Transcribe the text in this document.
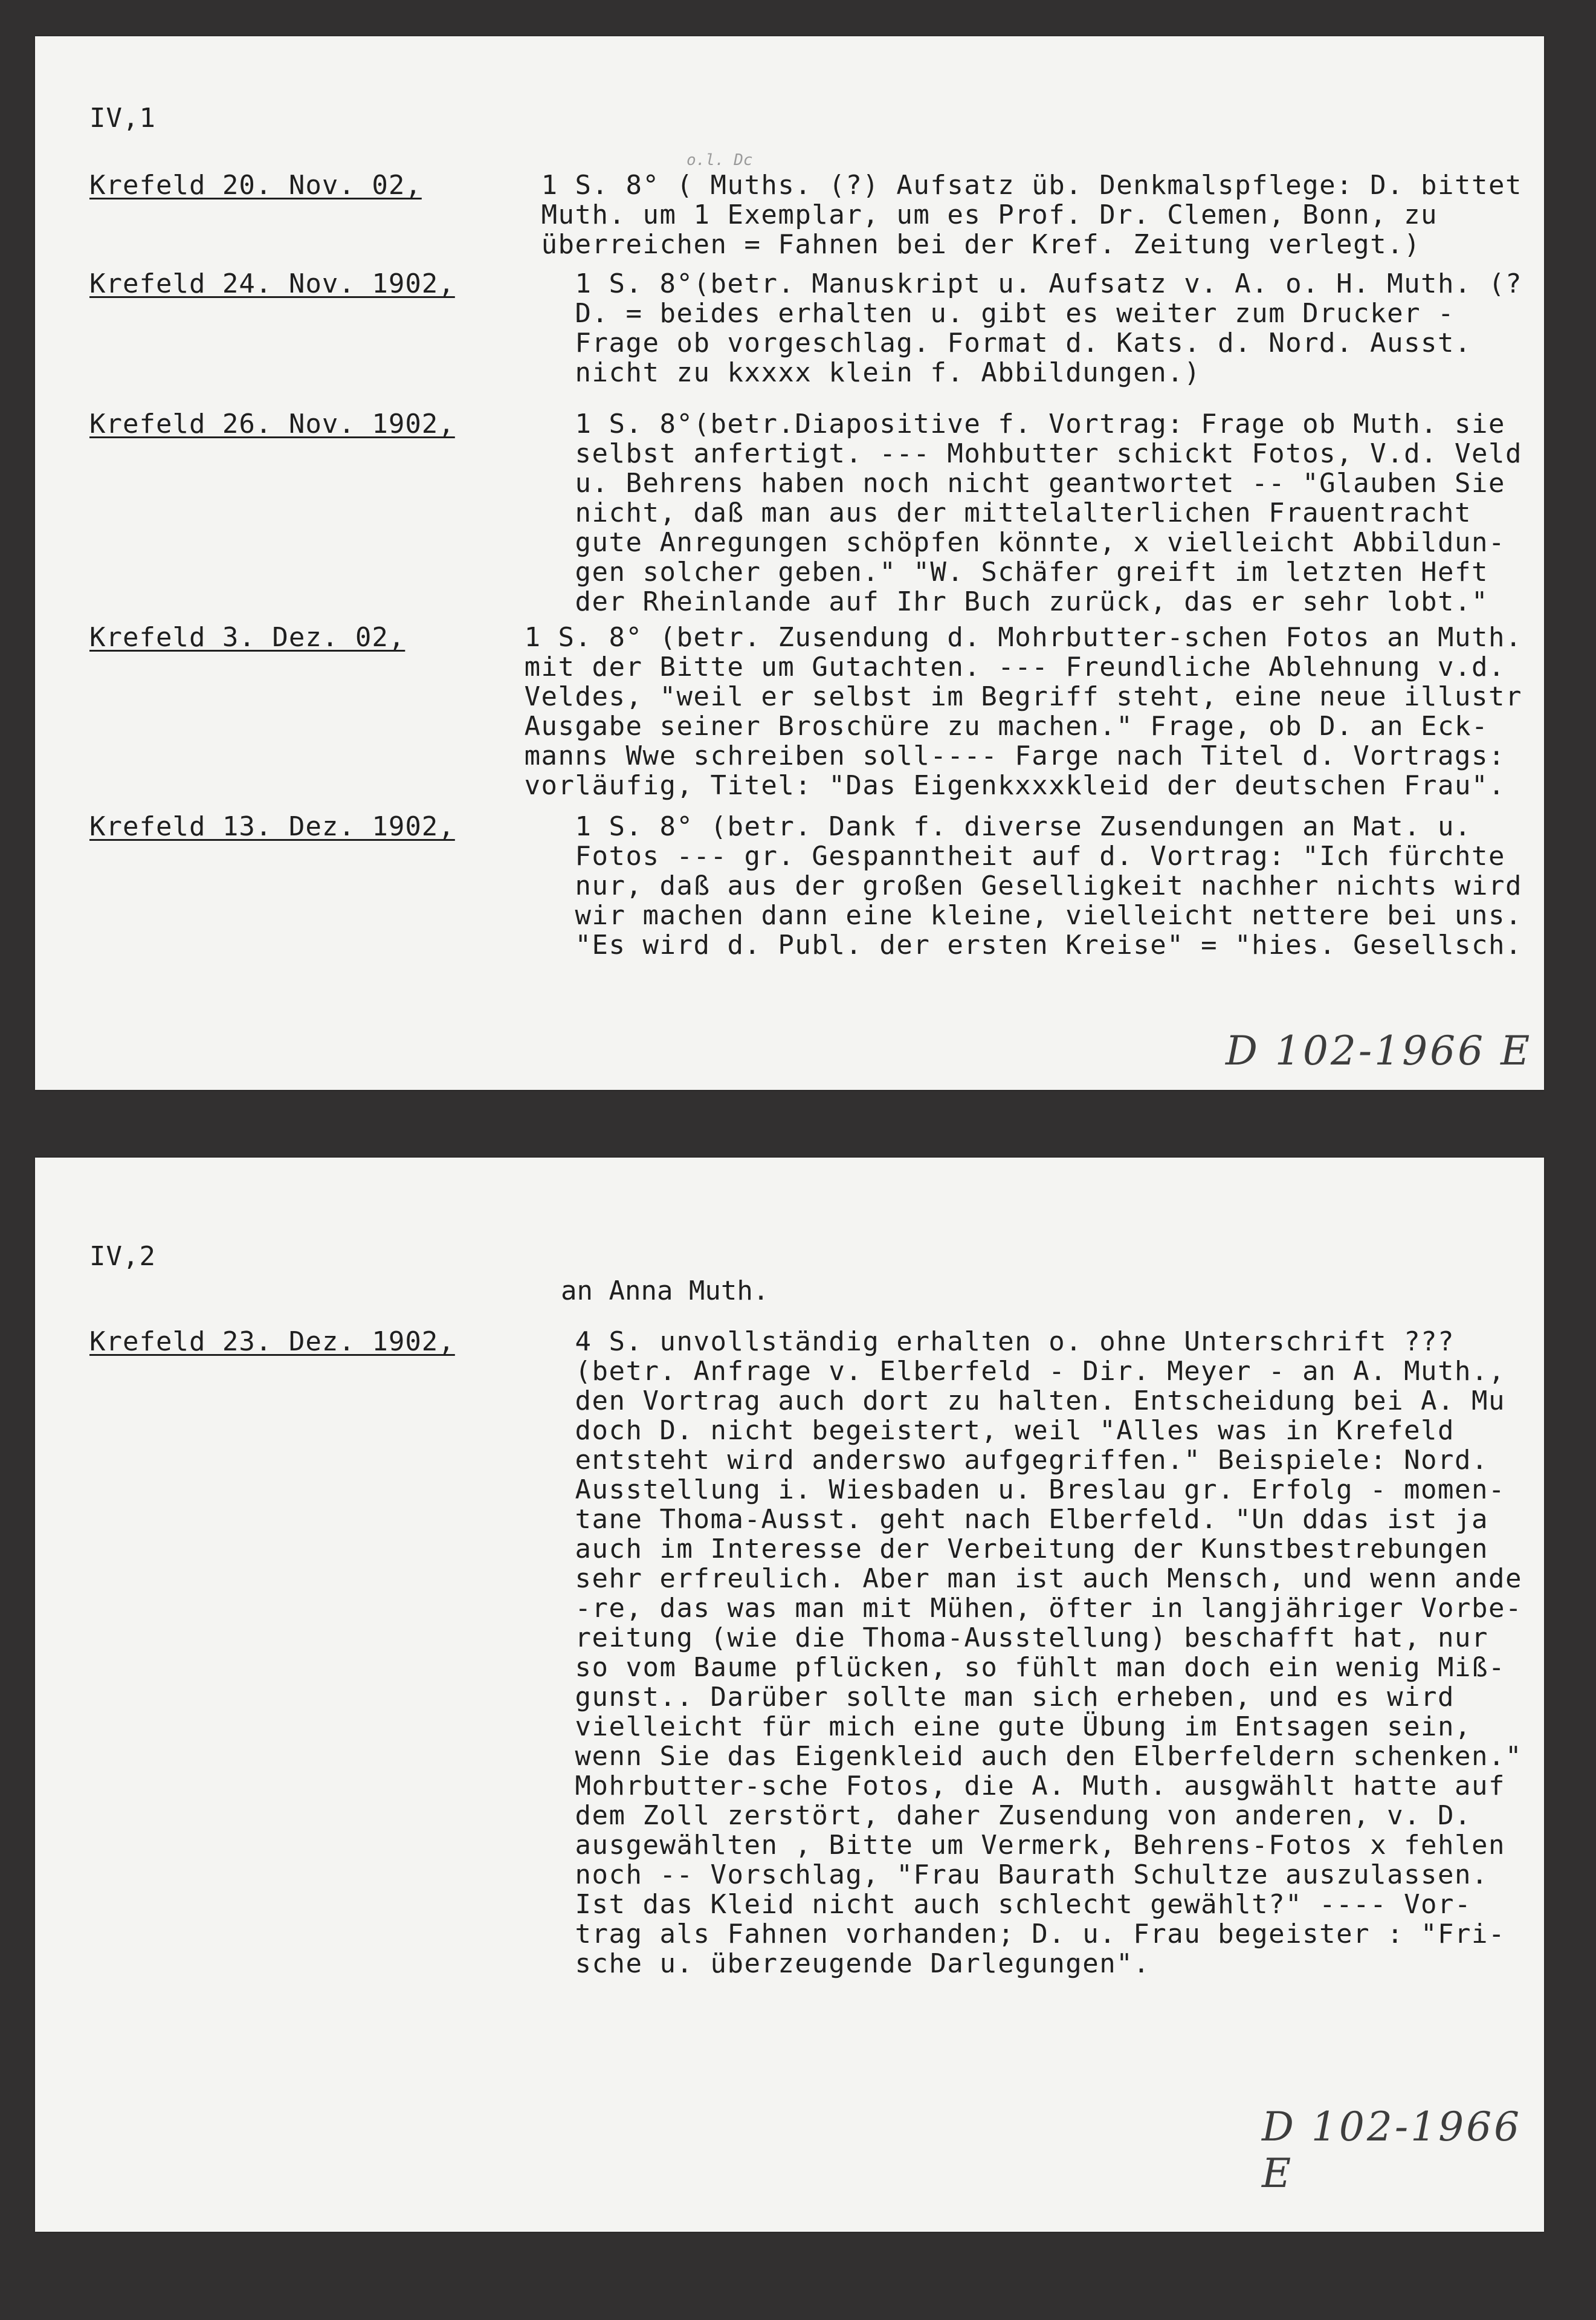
IV,1
o.l. Dc
Krefeld 20. Nov. 02,	1 S. 8° ( Muths. (?) Aufsatz üb. Denkmalspflege: D. bittet
Muth. um 1 Exemplar, um es Prof. Dr. Clemen, Bonn, zu
überreichen = Fahnen bei der Kref. Zeitung verlegt.)
Krefeld 24. Nov. 1902,	1 S. 8°(betr. Manuskript u. Aufsatz v. A. o. H. Muth. (?
D. = beides erhalten u. gibt es weiter zum Drucker -
Frage ob vorgeschlag. Format d. Kats. d. Nord. Ausst.
nicht zu kxxxx klein f. Abbildungen.)
Krefeld 26. Nov. 1902,	1 S. 8°(betr.Diapositive f. Vortrag: Frage ob Muth. sie
selbst anfertigt. --- Mohbutter schickt Fotos, V.d. Veld
u. Behrens haben noch nicht geantwortet -- "Glauben Sie
nicht, daß man aus der mittelalterlichen Frauentracht
gute Anregungen schöpfen könnte, x vielleicht Abbildun-
gen solcher geben." "W. Schäfer greift im letzten Heft
der Rheinlande auf Ihr Buch zurück, das er sehr lobt."
Krefeld 3. Dez. 02,	1 S. 8° (betr. Zusendung d. Mohrbutter-schen Fotos an Muth.
mit der Bitte um Gutachten. --- Freundliche Ablehnung v.d.
Veldes, "weil er selbst im Begriff steht, eine neue illustr
Ausgabe seiner Broschüre zu machen." Frage, ob D. an Eck-
manns Wwe schreiben soll---- Farge nach Titel d. Vortrags:
vorläufig, Titel: "Das Eigenkxxxkleid der deutschen Frau".
Krefeld 13. Dez. 1902,	1 S. 8° (betr. Dank f. diverse Zusendungen an Mat. u.
Fotos --- gr. Gespanntheit auf d. Vortrag: "Ich fürchte
nur, daß aus der großen Geselligkeit nachher nichts wird
wir machen dann eine kleine, vielleicht nettere bei uns.
"Es wird d. Publ. der ersten Kreise" = "hies. Gesellsch.
D 102-1966 E
IV,2
an Anna Muth.
Krefeld 23. Dez. 1902,	4 S. unvollständig erhalten o. ohne Unterschrift ???
(betr. Anfrage v. Elberfeld - Dir. Meyer - an A. Muth.,
den Vortrag auch dort zu halten. Entscheidung bei A. Mu
doch D. nicht begeistert, weil "Alles was in Krefeld
entsteht wird anderswo aufgegriffen." Beispiele: Nord.
Ausstellung i. Wiesbaden u. Breslau gr. Erfolg - momen-
tane Thoma-Ausst. geht nach Elberfeld. "Un ddas ist ja
auch im Interesse der Verbeitung der Kunstbestrebungen
sehr erfreulich. Aber man ist auch Mensch, und wenn ande
-re, das was man mit Mühen, öfter in langjähriger Vorbe-
reitung (wie die Thoma-Ausstellung) beschafft hat, nur
so vom Baume pflücken, so fühlt man doch ein wenig Miß-
gunst.. Darüber sollte man sich erheben, und es wird
vielleicht für mich eine gute Übung im Entsagen sein,
wenn Sie das Eigenkleid auch den Elberfeldern schenken."
Mohrbutter-sche Fotos, die A. Muth. ausgwählt hatte auf
dem Zoll zerstört, daher Zusendung von anderen, v. D.
ausgewählten , Bitte um Vermerk, Behrens-Fotos x fehlen
noch -- Vorschlag, "Frau Baurath Schultze auszulassen.
Ist das Kleid nicht auch schlecht gewählt?" ---- Vor-
trag als Fahnen vorhanden; D. u. Frau begeister : "Fri-
sche u. überzeugende Darlegungen".
D 102-1966 E
